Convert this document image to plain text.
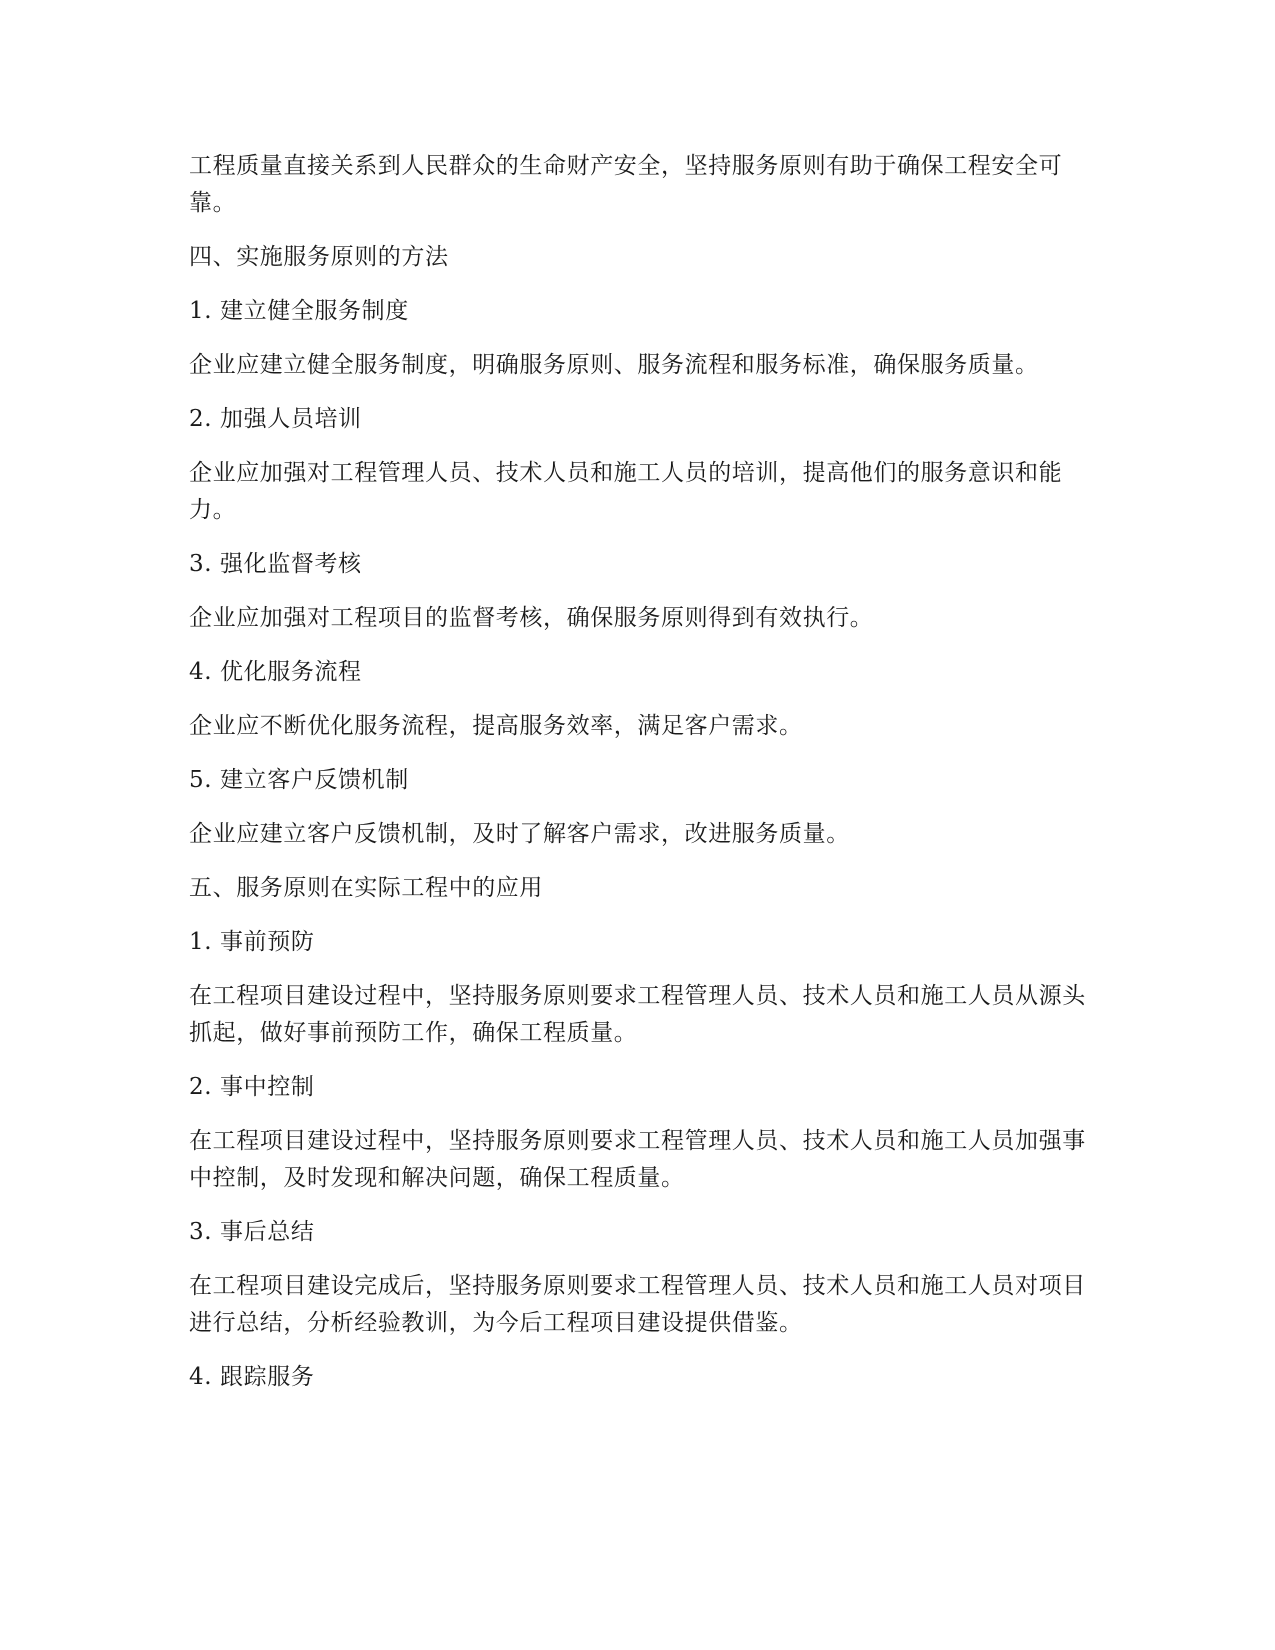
工程质量直接关系到人民群众的生命财产安全，坚持服务原则有助于确保工程安全可靠。

四、实施服务原则的方法

1. 建立健全服务制度

企业应建立健全服务制度，明确服务原则、服务流程和服务标准，确保服务质量。

2. 加强人员培训

企业应加强对工程管理人员、技术人员和施工人员的培训，提高他们的服务意识和能力。

3. 强化监督考核

企业应加强对工程项目的监督考核，确保服务原则得到有效执行。

4. 优化服务流程

企业应不断优化服务流程，提高服务效率，满足客户需求。

5. 建立客户反馈机制

企业应建立客户反馈机制，及时了解客户需求，改进服务质量。

五、服务原则在实际工程中的应用

1. 事前预防

在工程项目建设过程中，坚持服务原则要求工程管理人员、技术人员和施工人员从源头抓起，做好事前预防工作，确保工程质量。

2. 事中控制

在工程项目建设过程中，坚持服务原则要求工程管理人员、技术人员和施工人员加强事中控制，及时发现和解决问题，确保工程质量。

3. 事后总结

在工程项目建设完成后，坚持服务原则要求工程管理人员、技术人员和施工人员对项目进行总结，分析经验教训，为今后工程项目建设提供借鉴。

4. 跟踪服务
